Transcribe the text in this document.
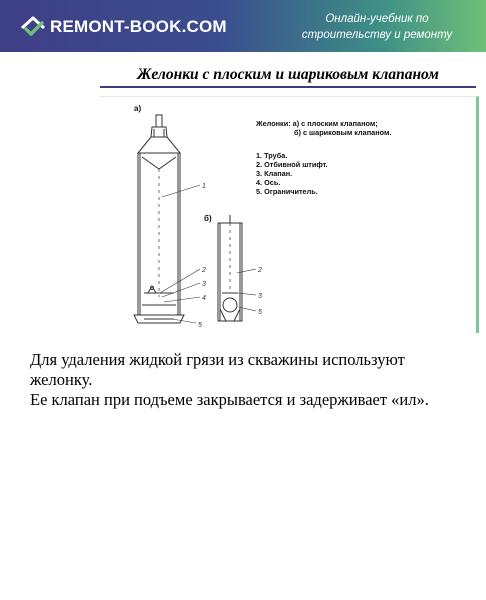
REMONT-BOOK.COM	Онлайн-учебник по строительству и ремонту
Желонки с плоским и шариковым клапаном
а)
б)
1
2
3
4
5
2
3
5
Желонки: а) с плоским клапаном;
б) с шариковым клапаном.
1. Труба.
2. Отбивной штифт.
3. Клапан.
4. Ось.
5. Ограничитель.
Для удаления жидкой грязи из скважины используют желонку.
Ее клапан при подъеме закрывается и задерживает «ил».
